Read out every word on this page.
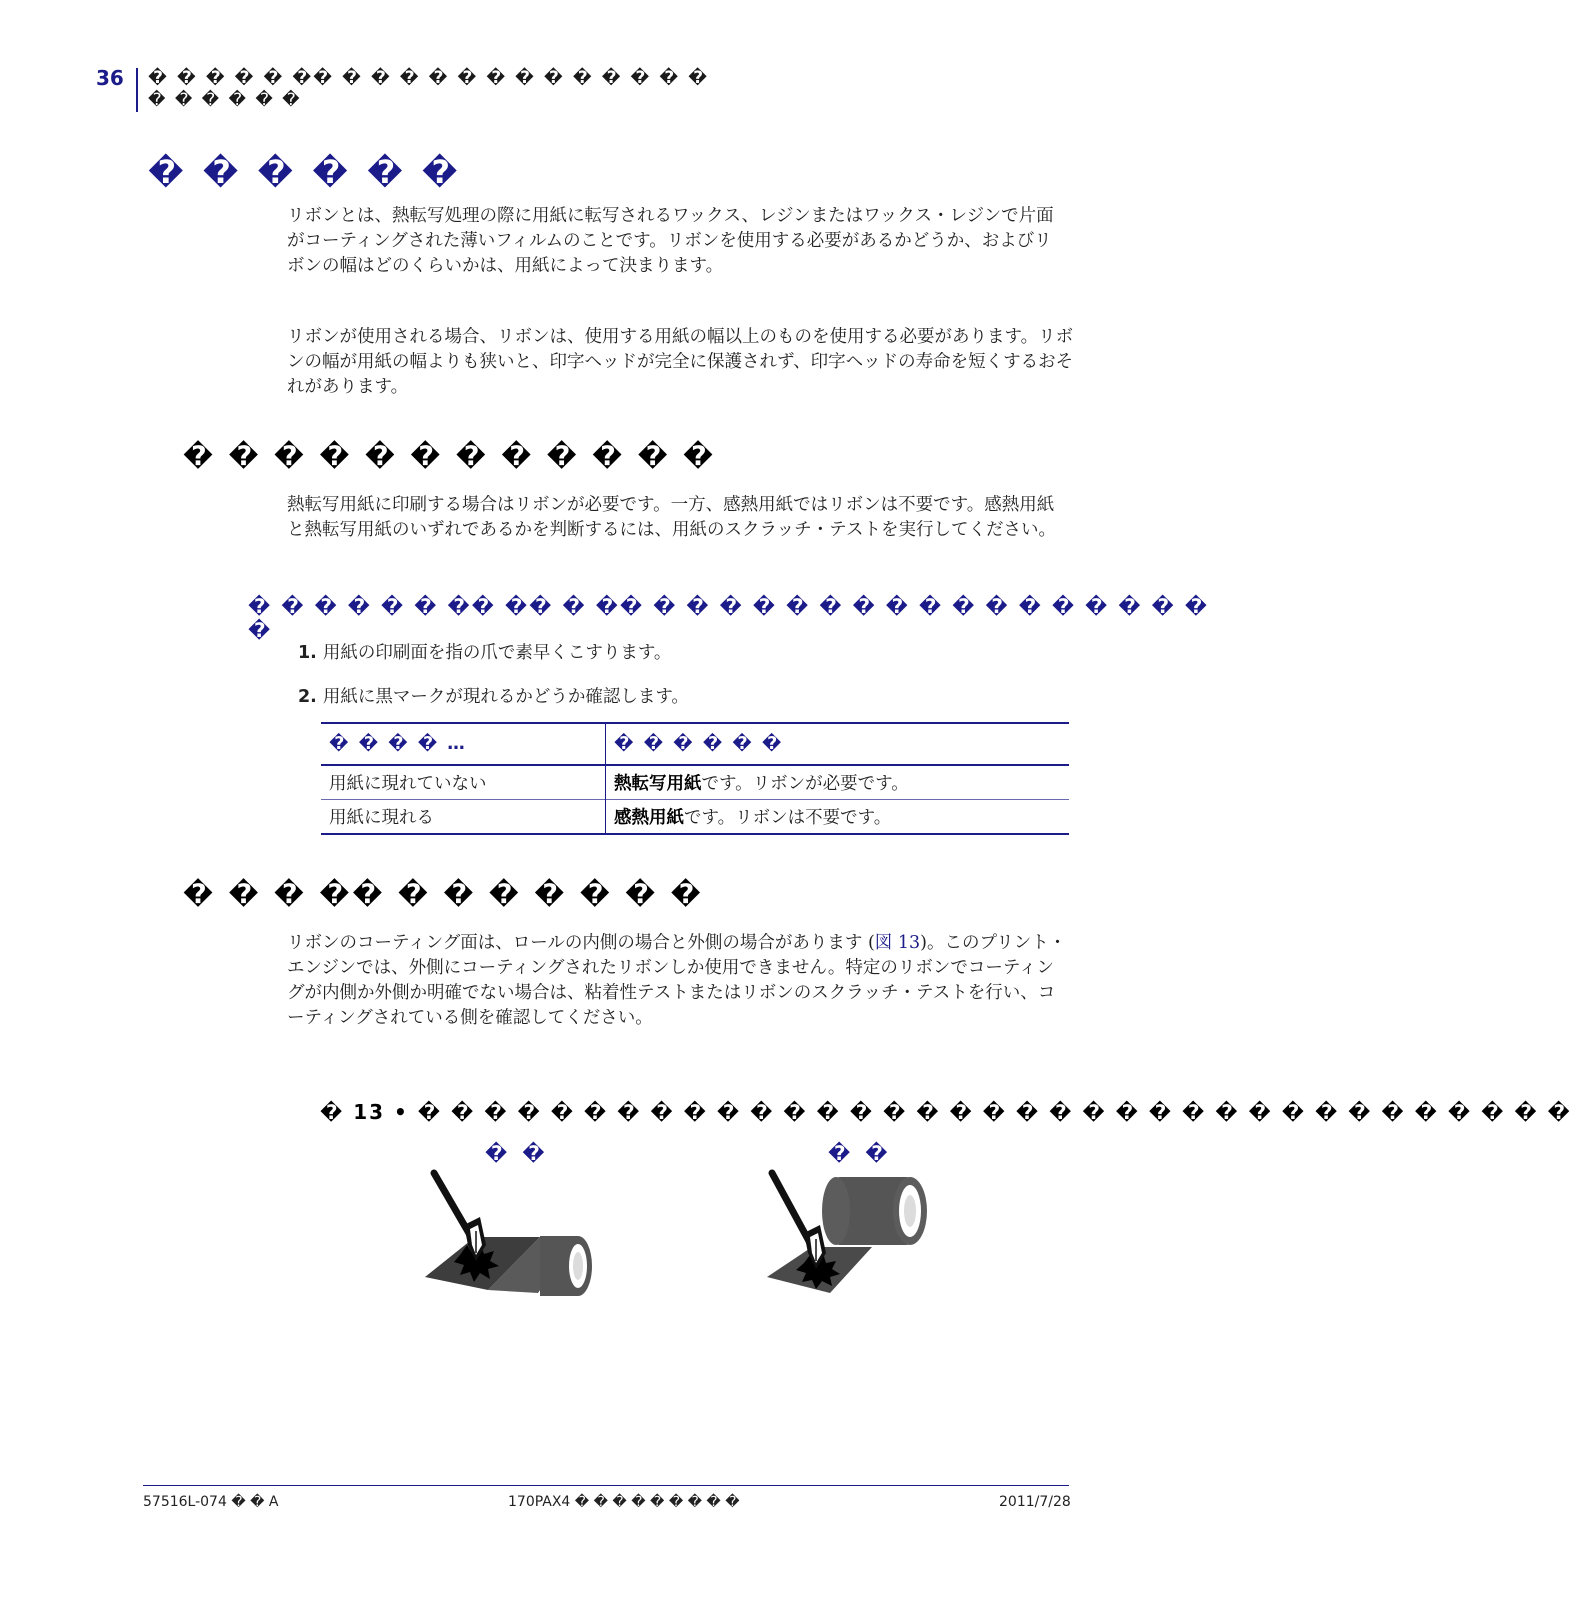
36 � � � � � �� � � � � � � � � � � � � �
� � � � � �
� � � � � �
リボンとは、熱転写処理の際に用紙に転写されるワックス、レジンまたはワックス・レジンで片面がコーティングされた薄いフィルムのことです。リボンを使用する必要があるかどうか、およびリボンの幅はどのくらいかは、用紙によって決まります。
リボンが使用される場合、リボンは、使用する用紙の幅以上のものを使用する必要があります。リボンの幅が用紙の幅よりも狭いと、印字ヘッドが完全に保護されず、印字ヘッドの寿命を短くするおそれがあります。
� � � � � � � � � � � �
熱転写用紙に印刷する場合はリボンが必要です。一方、感熱用紙ではリボンは不要です。感熱用紙と熱転写用紙のいずれであるかを判断するには、用紙のスクラッチ・テストを実行してください。
� � � � � � �� �� � �� � � � � � � � � � � � � � � � � � �
1. 用紙の印刷面を指の爪で素早くこすります。
2. 用紙に黒マークが現れるかどうか確認します。
� � � � …	� � � � � �
用紙に現れていない	熱転写用紙です。リボンが必要です。
用紙に現れる	感熱用紙です。リボンは不要です。
� � � �� � � � � � � �
リボンのコーティング面は、ロールの内側の場合と外側の場合があります (図 13)。このプリント・エンジンでは、外側にコーティングされたリボンしか使用できません。特定のリボンでコーティングが内側か外側か明確でない場合は、粘着性テストまたはリボンのスクラッチ・テストを行い、コーティングされている側を確認してください。
� 13 • � � � � � � � � � � � � � � � � � � � � � � � � � � � � � � � � � � �
� �	� �
57516L-074 � � A	170PAX4 � � � � � � � � �	2011/7/28
